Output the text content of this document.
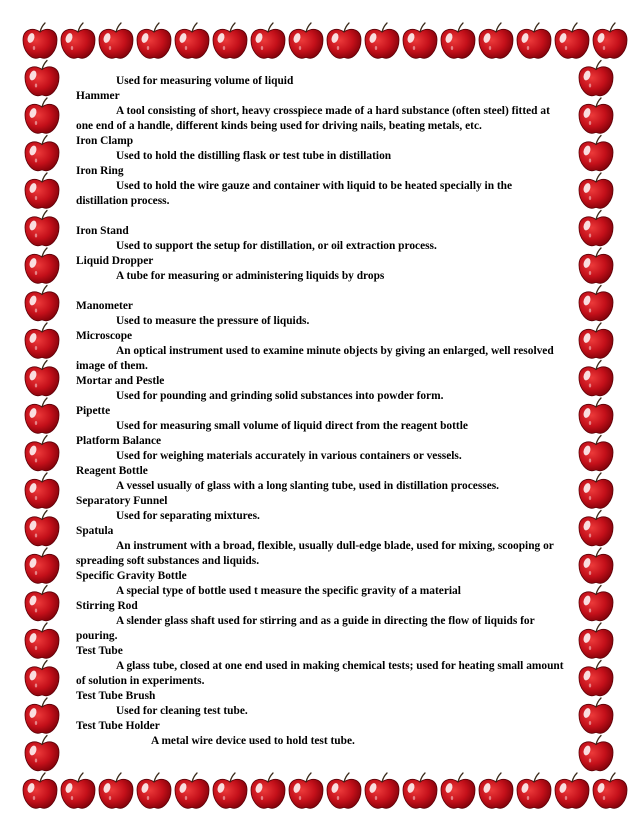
Used for measuring volume of liquid

Hammer

A tool consisting of short, heavy crosspiece made of a hard substance (often steel) fitted at one end of a handle, different kinds being used for driving nails, beating metals, etc.

Iron Clamp

Used to hold the distilling flask or test tube in distillation

Iron Ring

Used to hold the wire gauze and container with liquid to be heated specially in the distillation process.

Iron Stand

Used to support the setup for distillation, or oil extraction process.

Liquid Dropper

A tube for measuring or administering liquids by drops

Manometer

Used to measure the pressure of liquids.

Microscope

An optical instrument used to examine minute objects by giving an enlarged, well resolved image of them.

Mortar and Pestle

Used for pounding and grinding solid substances into powder form.

Pipette

Used for measuring small volume of liquid direct from the reagent bottle

Platform Balance

Used for weighing materials accurately in various containers or vessels.

Reagent Bottle

A vessel usually of glass with a long slanting tube, used in distillation processes.

Separatory Funnel

Used for separating mixtures.

Spatula

An instrument with a broad, flexible, usually dull-edge blade, used for mixing, scooping or spreading soft substances and liquids.

Specific Gravity Bottle

A special type of bottle used t measure the specific gravity of a material

Stirring Rod

A slender glass shaft used for stirring and as a guide in directing the flow of liquids for pouring.

Test Tube

A glass tube, closed at one end used in making chemical tests; used for heating small amount of solution in experiments.

Test Tube Brush

Used for cleaning test tube.

Test Tube Holder

A metal wire device used to hold test tube.
